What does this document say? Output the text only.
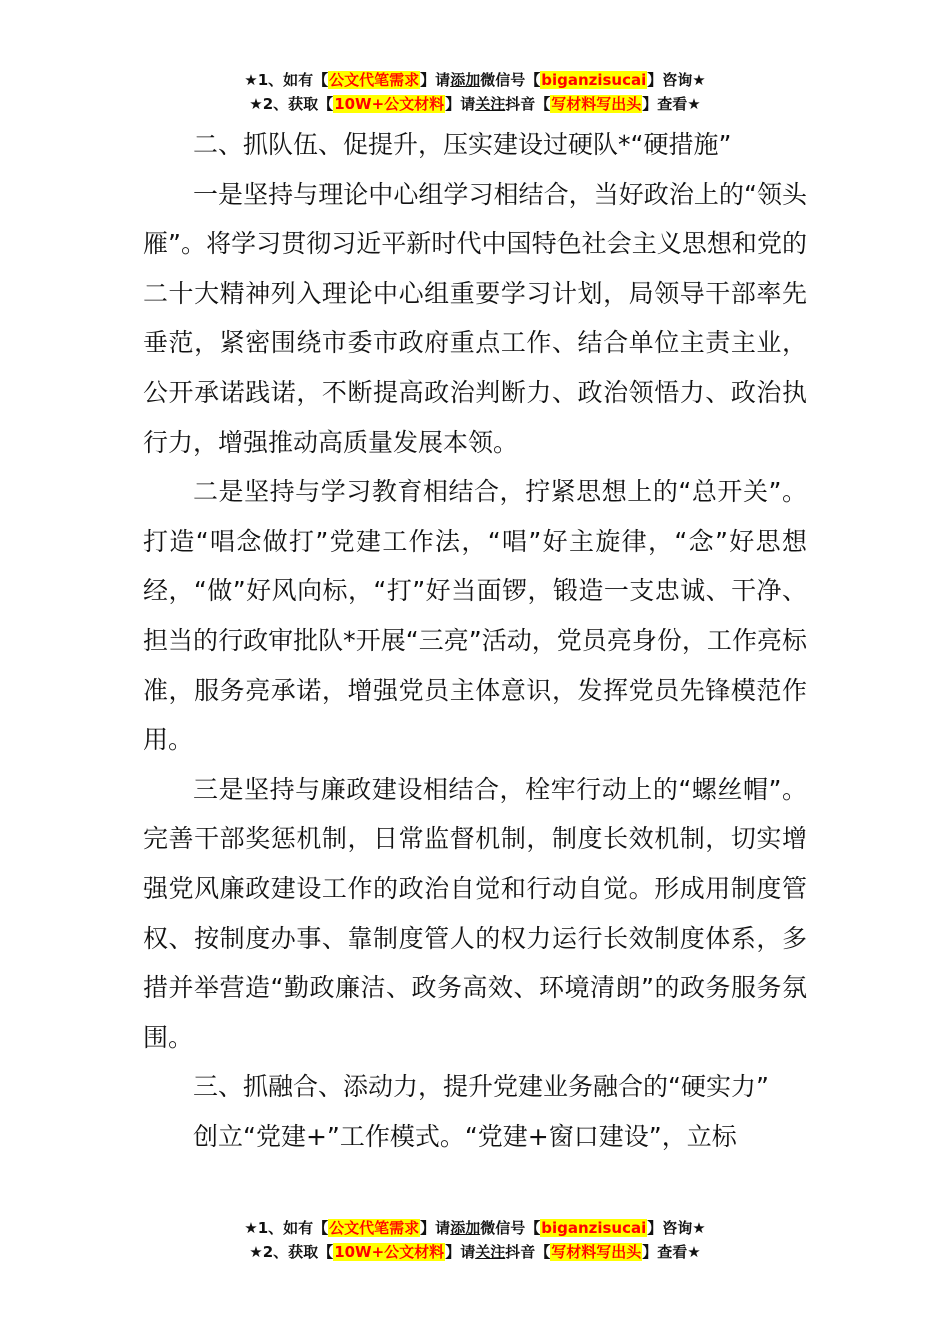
★1、如有【公文代笔需求】请添加微信号【biganzisucai】咨询★
★2、获取【10W+公文材料】请关注抖音【写材料写出头】查看★

二、抓队伍、促提升，压实建设过硬队*“硬措施”

一是坚持与理论中心组学习相结合，当好政治上的“领头雁”。将学习贯彻习近平新时代中国特色社会主义思想和党的二十大精神列入理论中心组重要学习计划，局领导干部率先垂范，紧密围绕市委市政府重点工作、结合单位主责主业，公开承诺践诺，不断提高政治判断力、政治领悟力、政治执行力，增强推动高质量发展本领。

二是坚持与学习教育相结合，拧紧思想上的“总开关”。打造“唱念做打”党建工作法，“唱”好主旋律，“念”好思想经，“做”好风向标，“打”好当面锣，锻造一支忠诚、干净、担当的行政审批队*开展“三亮”活动，党员亮身份，工作亮标准，服务亮承诺，增强党员主体意识，发挥党员先锋模范作用。

三是坚持与廉政建设相结合，栓牢行动上的“螺丝帽”。完善干部奖惩机制，日常监督机制，制度长效机制，切实增强党风廉政建设工作的政治自觉和行动自觉。形成用制度管权、按制度办事、靠制度管人的权力运行长效制度体系，多措并举营造“勤政廉洁、政务高效、环境清朗”的政务服务氛围。

三、抓融合、添动力，提升党建业务融合的“硬实力”

创立“党建+”工作模式。“党建+窗口建设”，立标

★1、如有【公文代笔需求】请添加微信号【biganzisucai】咨询★
★2、获取【10W+公文材料】请关注抖音【写材料写出头】查看★
